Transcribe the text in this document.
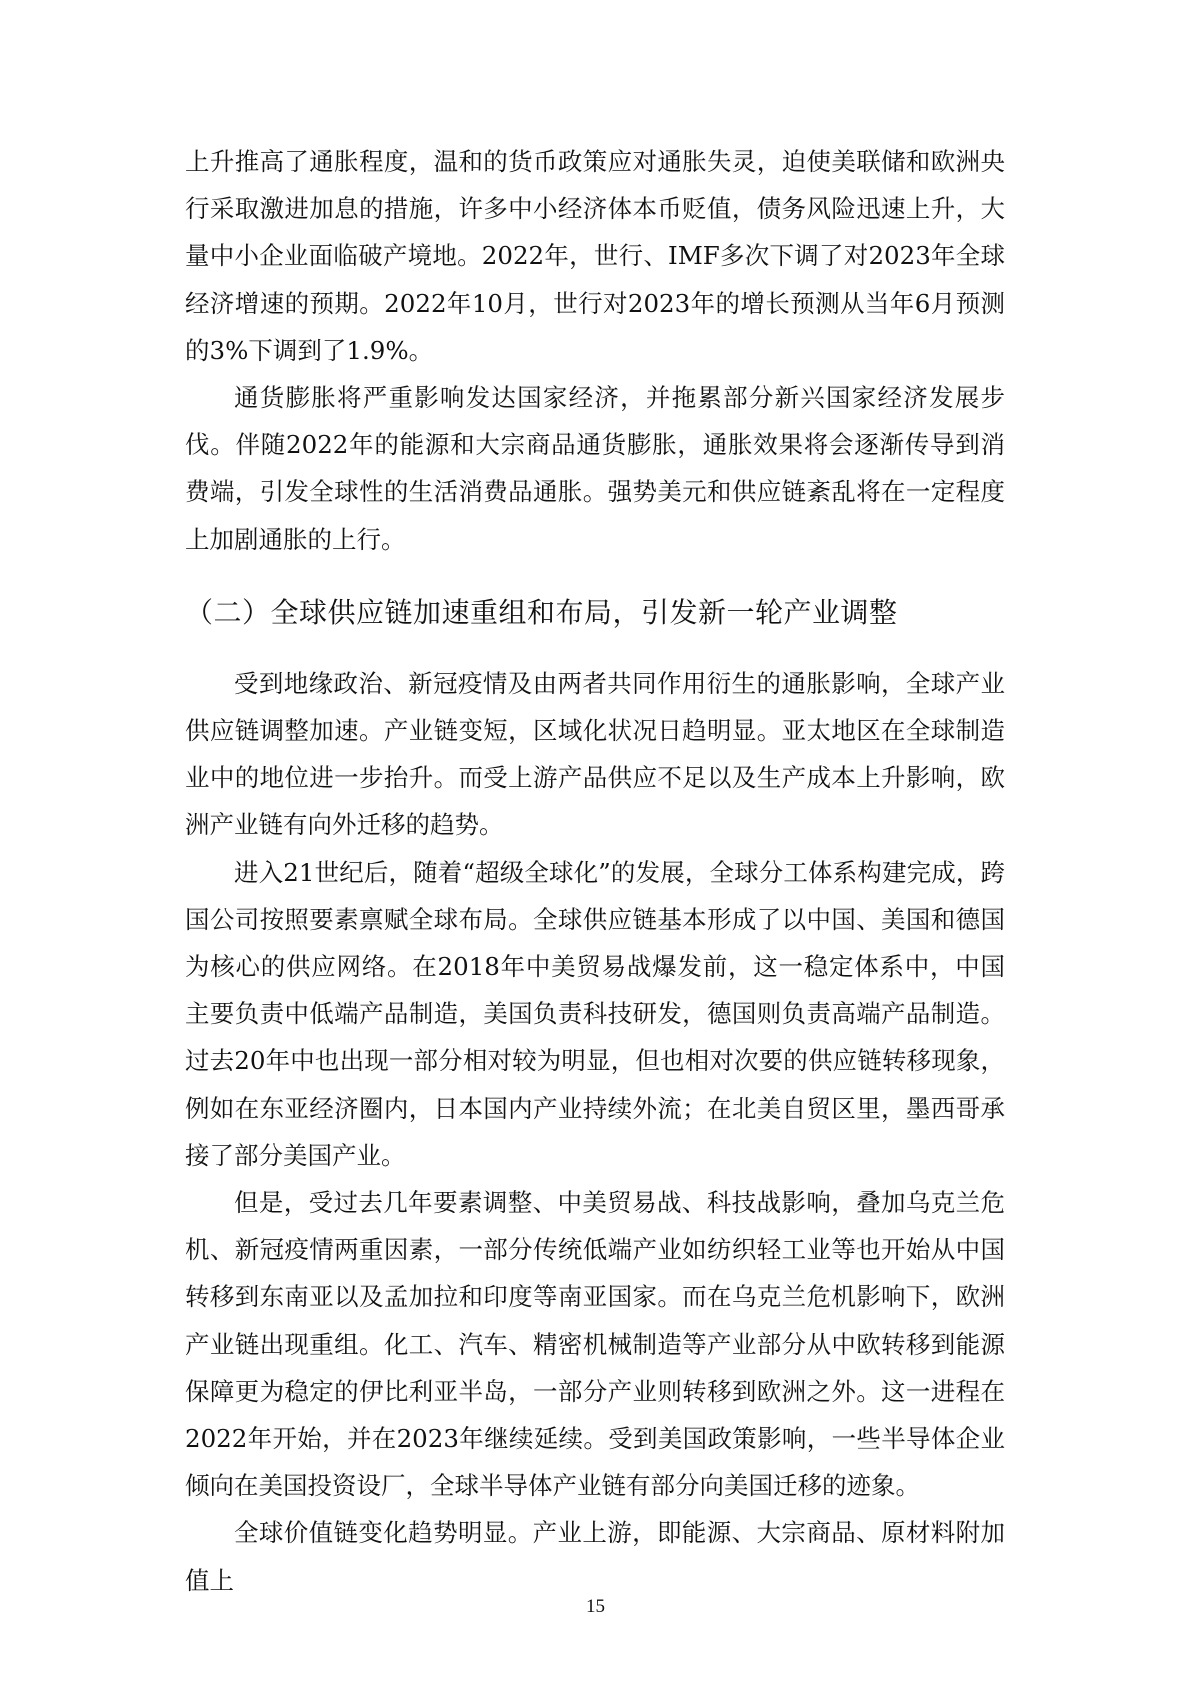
上升推高了通胀程度，温和的货币政策应对通胀失灵，迫使美联储和欧洲央行采取激进加息的措施，许多中小经济体本币贬值，债务风险迅速上升，大量中小企业面临破产境地。2022年，世行、IMF多次下调了对2023年全球经济增速的预期。2022年10月，世行对2023年的增长预测从当年6月预测的3%下调到了1.9%。

通货膨胀将严重影响发达国家经济，并拖累部分新兴国家经济发展步伐。伴随2022年的能源和大宗商品通货膨胀，通胀效果将会逐渐传导到消费端，引发全球性的生活消费品通胀。强势美元和供应链紊乱将在一定程度上加剧通胀的上行。

（二）全球供应链加速重组和布局，引发新一轮产业调整

受到地缘政治、新冠疫情及由两者共同作用衍生的通胀影响，全球产业供应链调整加速。产业链变短，区域化状况日趋明显。亚太地区在全球制造业中的地位进一步抬升。而受上游产品供应不足以及生产成本上升影响，欧洲产业链有向外迁移的趋势。

进入21世纪后，随着“超级全球化”的发展，全球分工体系构建完成，跨国公司按照要素禀赋全球布局。全球供应链基本形成了以中国、美国和德国为核心的供应网络。在2018年中美贸易战爆发前，这一稳定体系中，中国主要负责中低端产品制造，美国负责科技研发，德国则负责高端产品制造。过去20年中也出现一部分相对较为明显，但也相对次要的供应链转移现象，例如在东亚经济圈内，日本国内产业持续外流；在北美自贸区里，墨西哥承接了部分美国产业。

但是，受过去几年要素调整、中美贸易战、科技战影响，叠加乌克兰危机、新冠疫情两重因素，一部分传统低端产业如纺织轻工业等也开始从中国转移到东南亚以及孟加拉和印度等南亚国家。而在乌克兰危机影响下，欧洲产业链出现重组。化工、汽车、精密机械制造等产业部分从中欧转移到能源保障更为稳定的伊比利亚半岛，一部分产业则转移到欧洲之外。这一进程在2022年开始，并在2023年继续延续。受到美国政策影响，一些半导体企业倾向在美国投资设厂，全球半导体产业链有部分向美国迁移的迹象。

全球价值链变化趋势明显。产业上游，即能源、大宗商品、原材料附加值上

15
